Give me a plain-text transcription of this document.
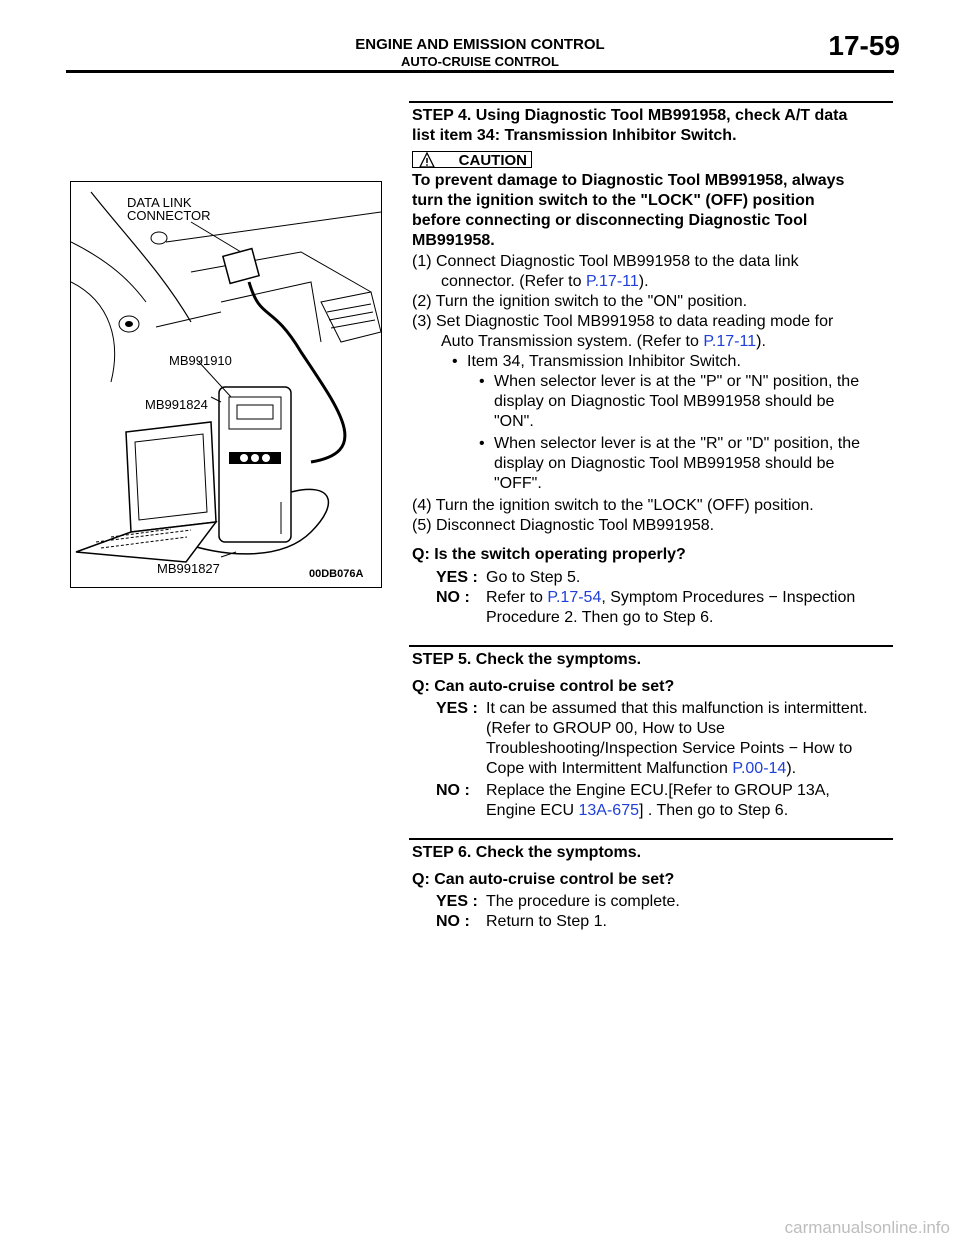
ENGINE AND EMISSION CONTROL
AUTO-CRUISE CONTROL
17-59
DATA LINK
CONNECTOR
MB991910
MB991824
MB991827	00DB076A
STEP 4. Using Diagnostic Tool MB991958, check A/T data
list item 34: Transmission Inhibitor Switch.
CAUTION
To prevent damage to Diagnostic Tool MB991958, always
turn the ignition switch to the "LOCK" (OFF) position
before connecting or disconnecting Diagnostic Tool
MB991958.
(1) Connect Diagnostic Tool MB991958 to the data link
connector. (Refer to P.17-11).
(2) Turn the ignition switch to the "ON" position.
(3) Set Diagnostic Tool MB991958 to data reading mode for
Auto Transmission system. (Refer to P.17-11).
• Item 34, Transmission Inhibitor Switch.
• When selector lever is at the "P" or "N" position, the
display on Diagnostic Tool MB991958 should be
"ON".
• When selector lever is at the "R" or "D" position, the
display on Diagnostic Tool MB991958 should be
"OFF".
(4) Turn the ignition switch to the "LOCK" (OFF) position.
(5) Disconnect Diagnostic Tool MB991958.
Q: Is the switch operating properly?
YES : Go to Step 5.
NO :	Refer to P.17-54, Symptom Procedures − Inspection
Procedure 2. Then go to Step 6.
STEP 5. Check the symptoms.
Q: Can auto-cruise control be set?
YES : It can be assumed that this malfunction is intermittent.
(Refer to GROUP 00, How to Use
Troubleshooting/Inspection Service Points − How to
Cope with Intermittent Malfunction P.00-14).
NO :	Replace the Engine ECU.[Refer to GROUP 13A,
Engine ECU 13A-675] . Then go to Step 6.
STEP 6. Check the symptoms.
Q: Can auto-cruise control be set?
YES : The procedure is complete.
NO :	Return to Step 1.
carmanualsonline.info
